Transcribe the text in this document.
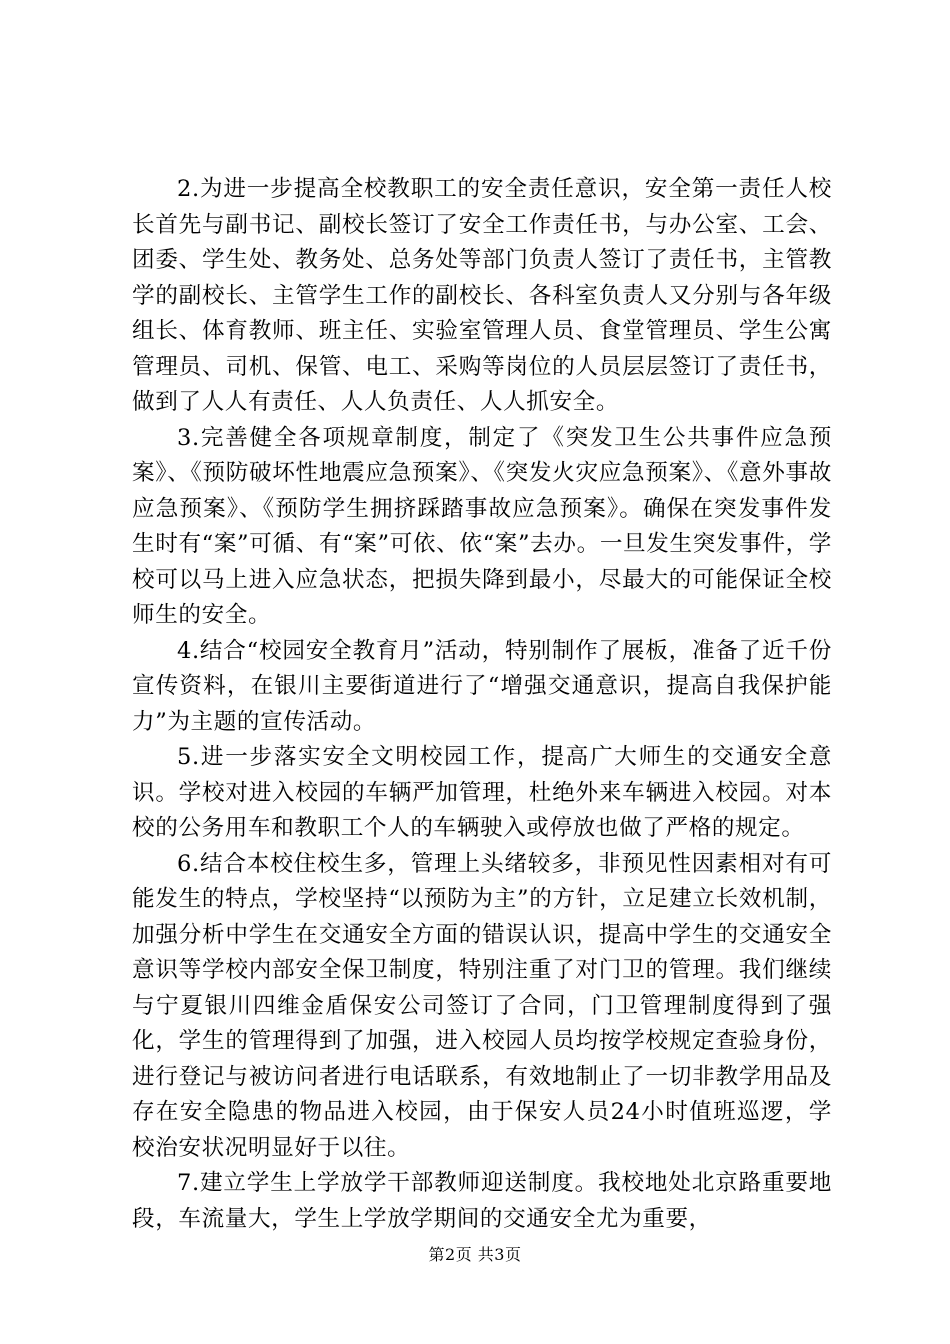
2.为进一步提高全校教职工的安全责任意识，安全第一责任人校长首先与副书记、副校长签订了安全工作责任书，与办公室、工会、团委、学生处、教务处、总务处等部门负责人签订了责任书，主管教学的副校长、主管学生工作的副校长、各科室负责人又分别与各年级组长、体育教师、班主任、实验室管理人员、食堂管理员、学生公寓管理员、司机、保管、电工、采购等岗位的人员层层签订了责任书，做到了人人有责任、人人负责任、人人抓安全。

3.完善健全各项规章制度，制定了《突发卫生公共事件应急预案》、《预防破坏性地震应急预案》、《突发火灾应急预案》、《意外事故应急预案》、《预防学生拥挤踩踏事故应急预案》。确保在突发事件发生时有“案”可循、有“案”可依、依“案”去办。一旦发生突发事件，学校可以马上进入应急状态，把损失降到最小，尽最大的可能保证全校师生的安全。

4.结合“校园安全教育月”活动，特别制作了展板，准备了近千份宣传资料，在银川主要街道进行了“增强交通意识，提高自我保护能力”为主题的宣传活动。

5.进一步落实安全文明校园工作，提高广大师生的交通安全意识。学校对进入校园的车辆严加管理，杜绝外来车辆进入校园。对本校的公务用车和教职工个人的车辆驶入或停放也做了严格的规定。

6.结合本校住校生多，管理上头绪较多，非预见性因素相对有可能发生的特点，学校坚持“以预防为主”的方针，立足建立长效机制，加强分析中学生在交通安全方面的错误认识，提高中学生的交通安全意识等学校内部安全保卫制度，特别注重了对门卫的管理。我们继续与宁夏银川四维金盾保安公司签订了合同，门卫管理制度得到了强化，学生的管理得到了加强，进入校园人员均按学校规定查验身份，进行登记与被访问者进行电话联系，有效地制止了一切非教学用品及存在安全隐患的物品进入校园，由于保安人员24小时值班巡逻，学校治安状况明显好于以往。

7.建立学生上学放学干部教师迎送制度。我校地处北京路重要地段，车流量大，学生上学放学期间的交通安全尤为重要，

第2页 共3页
